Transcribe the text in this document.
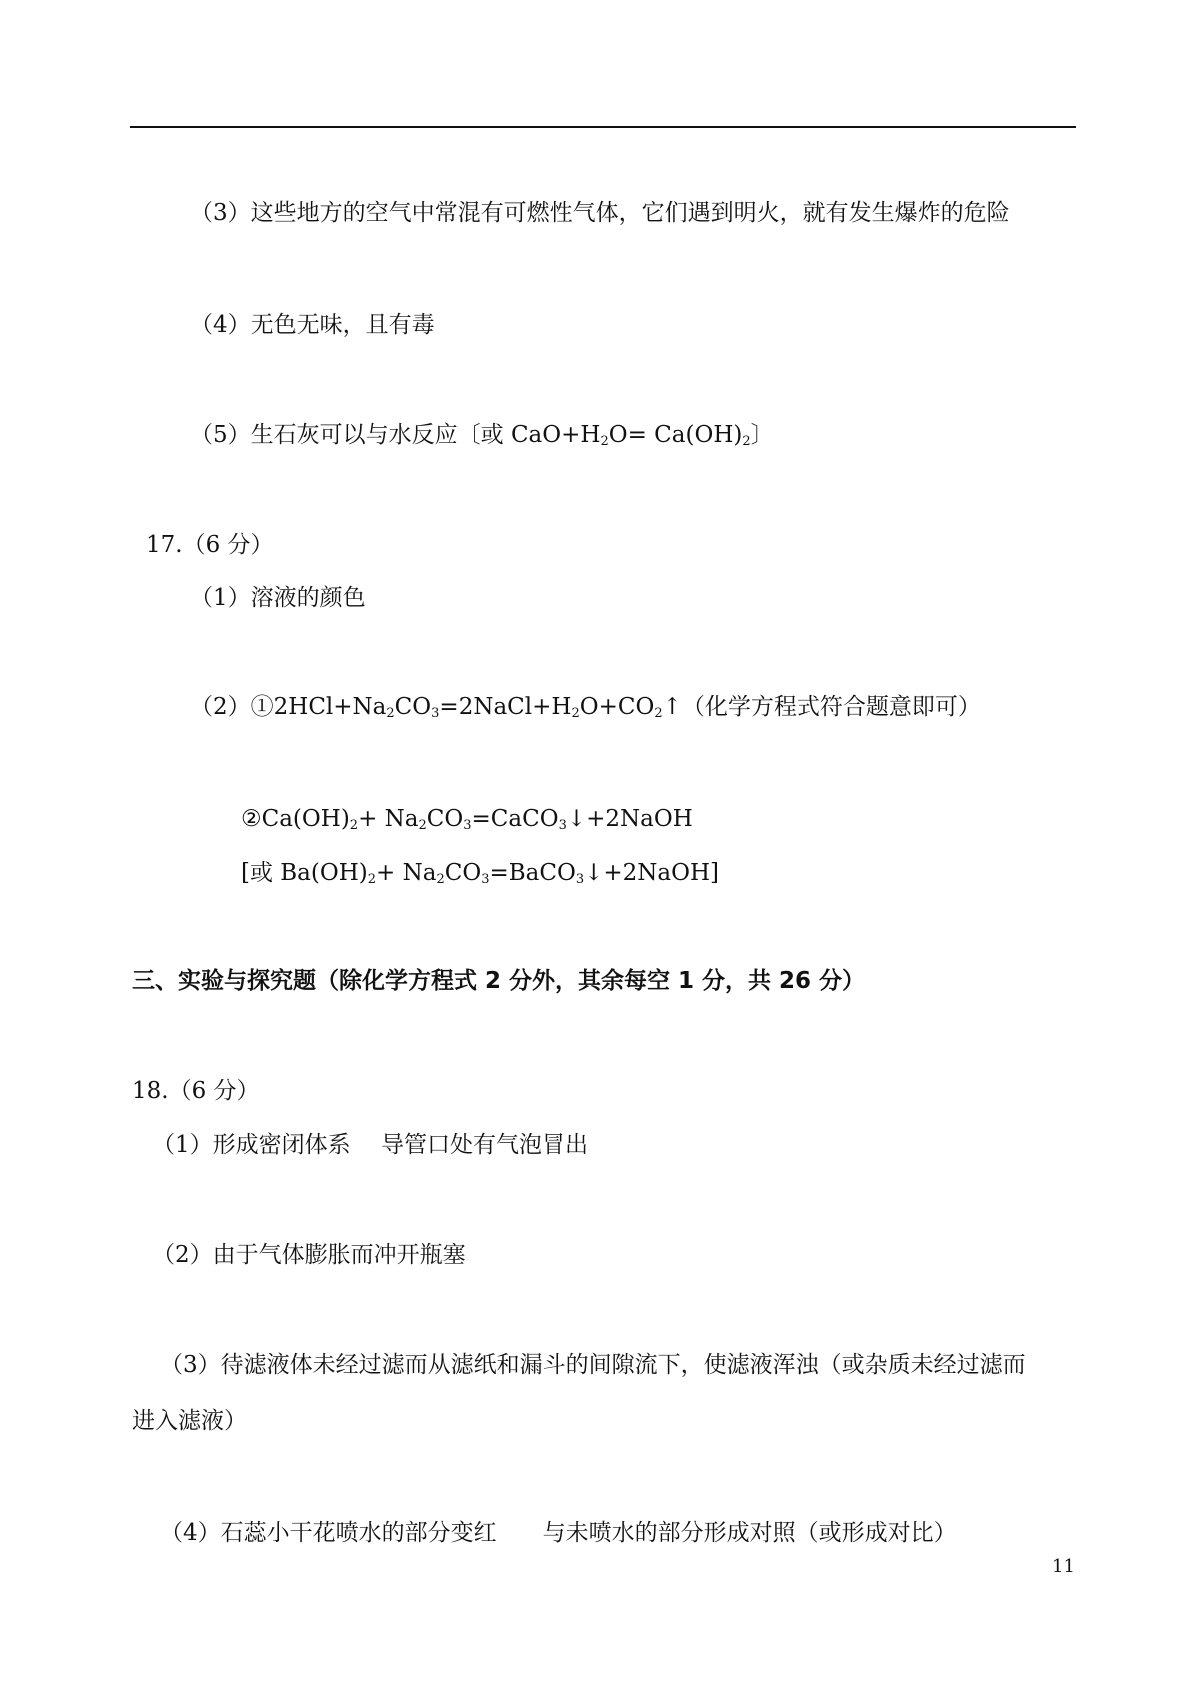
（3）这些地方的空气中常混有可燃性气体，它们遇到明火，就有发生爆炸的危险
（4）无色无味，且有毒
（5）生石灰可以与水反应〔或 $CaO+H_2O= Ca(OH)_2$〕
17.（6 分）
（1）溶液的颜色
$(2)①2HCl+Na_2CO_3=2NaCl+H_2O+CO_2↑$（化学方程式符合题意即可）
$②Ca(OH)_2+$ $Na_2CO_3=CaCO_3↓+2NaOH$
[或 $Ba(OH)_2+$ $Na_2CO_3=BaCO_3↓+2NaOH$]
三、实验与探究题（除化学方程式 2 分外，其余每空 1 分，共 26 分）
18.（6 分）
（1）形成密闭体系　 导管口处有气泡冒出
（2）由于气体膨胀而冲开瓶塞
（3）待滤液体未经过滤而从滤纸和漏斗的间隙流下，使滤液浑浊（或杂质未经过滤而
进入滤液）
（4）石蕊小干花喷水的部分变红　　与未喷水的部分形成对照（或形成对比）
11
